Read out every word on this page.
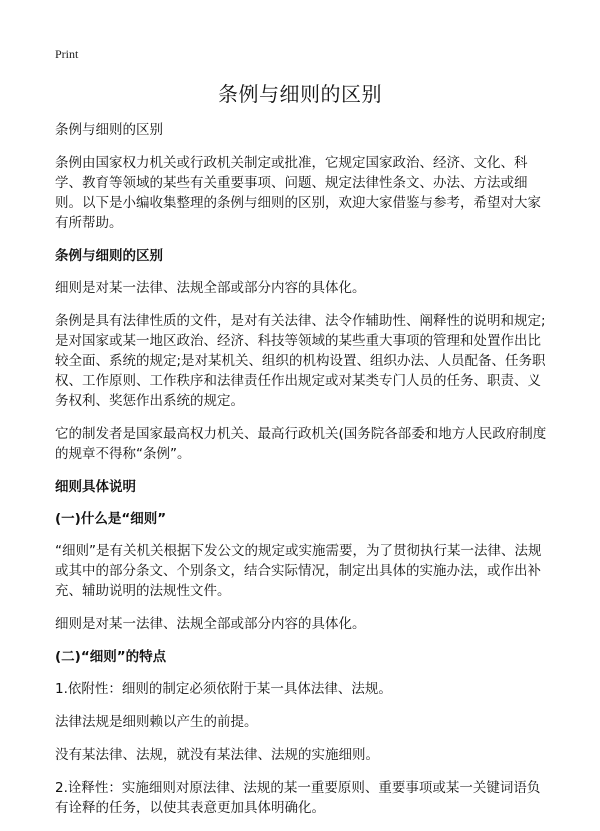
Print
条例与细则的区别

条例与细则的区别

条例由国家权力机关或行政机关制定或批准，它规定国家政治、经济、文化、科学、教育等领域的某些有关重要事项、问题、规定法律性条文、办法、方法或细则。以下是小编收集整理的条例与细则的区别，欢迎大家借鉴与参考，希望对大家有所帮助。

条例与细则的区别

细则是对某一法律、法规全部或部分内容的具体化。

条例是具有法律性质的文件，是对有关法律、法令作辅助性、阐释性的说明和规定;是对国家或某一地区政治、经济、科技等领域的某些重大事项的管理和处置作出比较全面、系统的规定;是对某机关、组织的机构设置、组织办法、人员配备、任务职权、工作原则、工作秩序和法律责任作出规定或对某类专门人员的任务、职责、义务权利、奖惩作出系统的规定。

它的制发者是国家最高权力机关、最高行政机关(国务院各部委和地方人民政府制度的规章不得称“条例”。

细则具体说明
(一)什么是“细则”

“细则”是有关机关根据下发公文的规定或实施需要，为了贯彻执行某一法律、法规或其中的部分条文、个别条文，结合实际情况，制定出具体的实施办法，或作出补充、辅助说明的法规性文件。

细则是对某一法律、法规全部或部分内容的具体化。

(二)“细则”的特点

1.依附性：细则的制定必须依附于某一具体法律、法规。

法律法规是细则赖以产生的前提。

没有某法律、法规，就没有某法律、法规的实施细则。

2.诠释性：实施细则对原法律、法规的某一重要原则、重要事项或某一关键词语负有诠释的任务，以使其表意更加具体明确化。
